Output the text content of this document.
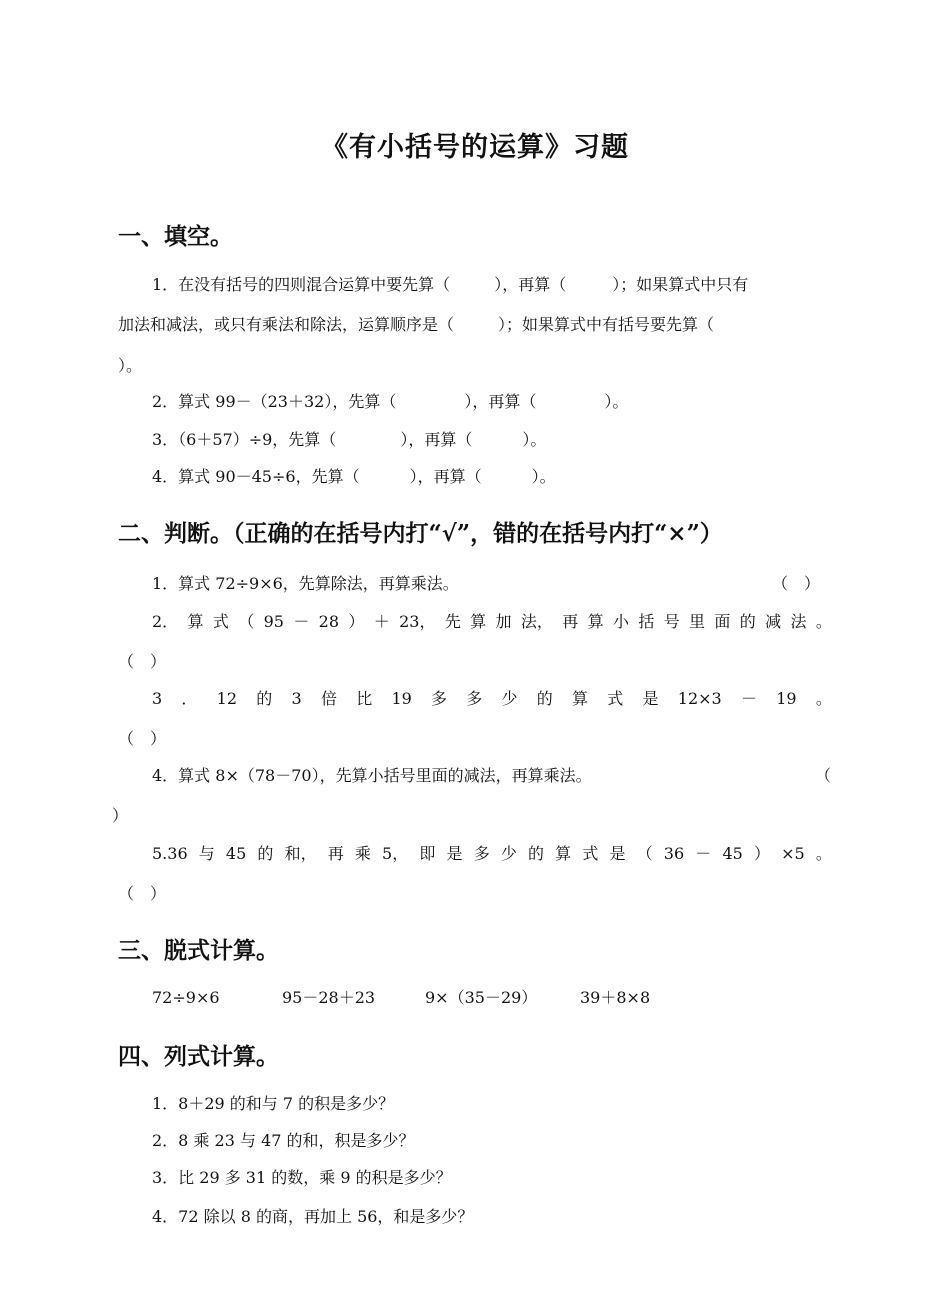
《有小括号的运算》习题
一、填空。
1．在没有括号的四则混合运算中要先算（	），再算（	）；如果算式中只有
加法和减法，或只有乘法和除法，运算顺序是（	）；如果算式中有括号要先算（
）。
2．算式 99－（23＋32），先算（	），再算（	）。
3．（6＋57）÷9，先算（	），再算（	）。
4．算式 90－45÷6，先算（	），再算（	）。
二、判断。（正确的在括号内打“√”，错的在括号内打“×”）
1．算式 72÷9×6，先算除法，再算乘法。	（　）
2． 算 式 （ 95 － 28 ） ＋ 23， 先 算 加 法， 再 算 小 括 号 里 面 的 减 法 。
（　）
3 ． 12 的 3 倍 比 19 多 多 少 的 算 式 是 12×3 － 19 。
（　）
4．算式 8×（78－70），先算小括号里面的减法，再算乘法。	（
）
5.36 与 45 的 和， 再 乘 5， 即 是 多 少 的 算 式 是 （ 36 － 45 ） ×5 。
（　）
三、脱式计算。
72÷9×6	95－28＋23	9×（35－29）	39＋8×8
四、列式计算。
1．8＋29 的和与 7 的积是多少？
2．8 乘 23 与 47 的和，积是多少？
3．比 29 多 31 的数，乘 9 的积是多少？
4．72 除以 8 的商，再加上 56，和是多少？
